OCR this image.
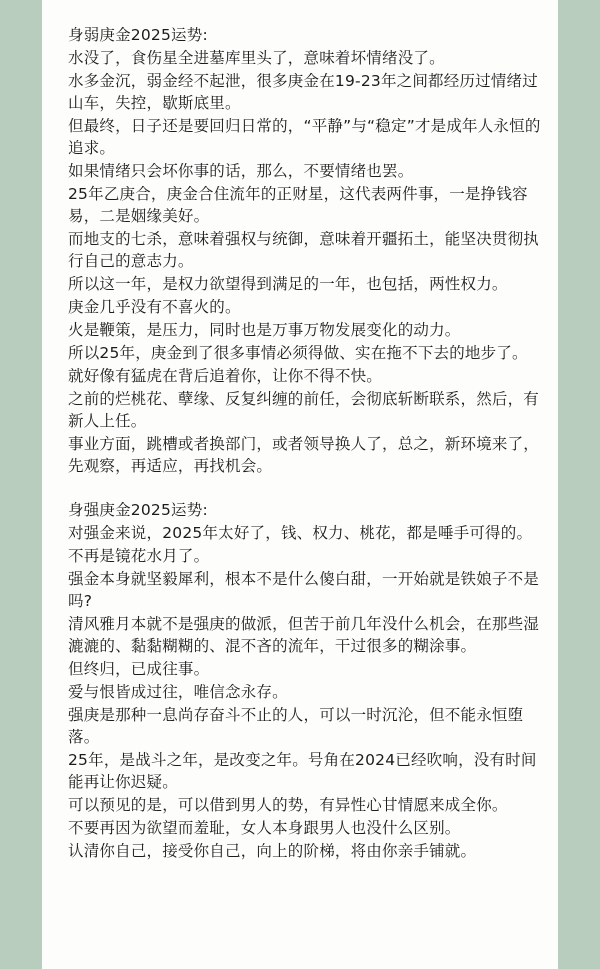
身弱庚金2025运势:

水没了，食伤星全进墓库里头了，意味着坏情绪没了。

水多金沉，弱金经不起泄，很多庚金在19-23年之间都经历过情绪过山车，失控，歇斯底里。

但最终，日子还是要回归日常的，“平静”与“稳定”才是成年人永恒的追求。

如果情绪只会坏你事的话，那么，不要情绪也罢。

25年乙庚合，庚金合住流年的正财星，这代表两件事，一是挣钱容易，二是姻缘美好。

而地支的七杀，意味着强权与统御，意味着开疆拓土，能坚决贯彻执行自己的意志力。

所以这一年，是权力欲望得到满足的一年，也包括，两性权力。

庚金几乎没有不喜火的。

火是鞭策，是压力，同时也是万事万物发展变化的动力。

所以25年，庚金到了很多事情必须得做、实在拖不下去的地步了。

就好像有猛虎在背后追着你，让你不得不快。

之前的烂桃花、孽缘、反复纠缠的前任，会彻底斩断联系，然后，有新人上任。

事业方面，跳槽或者换部门，或者领导换人了，总之，新环境来了，先观察，再适应，再找机会。

身强庚金2025运势:

对强金来说，2025年太好了，钱、权力、桃花，都是唾手可得的。

不再是镜花水月了。

强金本身就坚毅犀利，根本不是什么傻白甜，一开始就是铁娘子不是吗?

清风雅月本就不是强庚的做派，但苦于前几年没什么机会，在那些湿漉漉的、黏黏糊糊的、混不吝的流年，干过很多的糊涂事。

但终归，已成往事。

爱与恨皆成过往，唯信念永存。

强庚是那种一息尚存奋斗不止的人，可以一时沉沦，但不能永恒堕落。

25年，是战斗之年，是改变之年。号角在2024已经吹响，没有时间能再让你迟疑。

可以预见的是，可以借到男人的势，有异性心甘情愿来成全你。

不要再因为欲望而羞耻，女人本身跟男人也没什么区别。

认清你自己，接受你自己，向上的阶梯，将由你亲手铺就。
